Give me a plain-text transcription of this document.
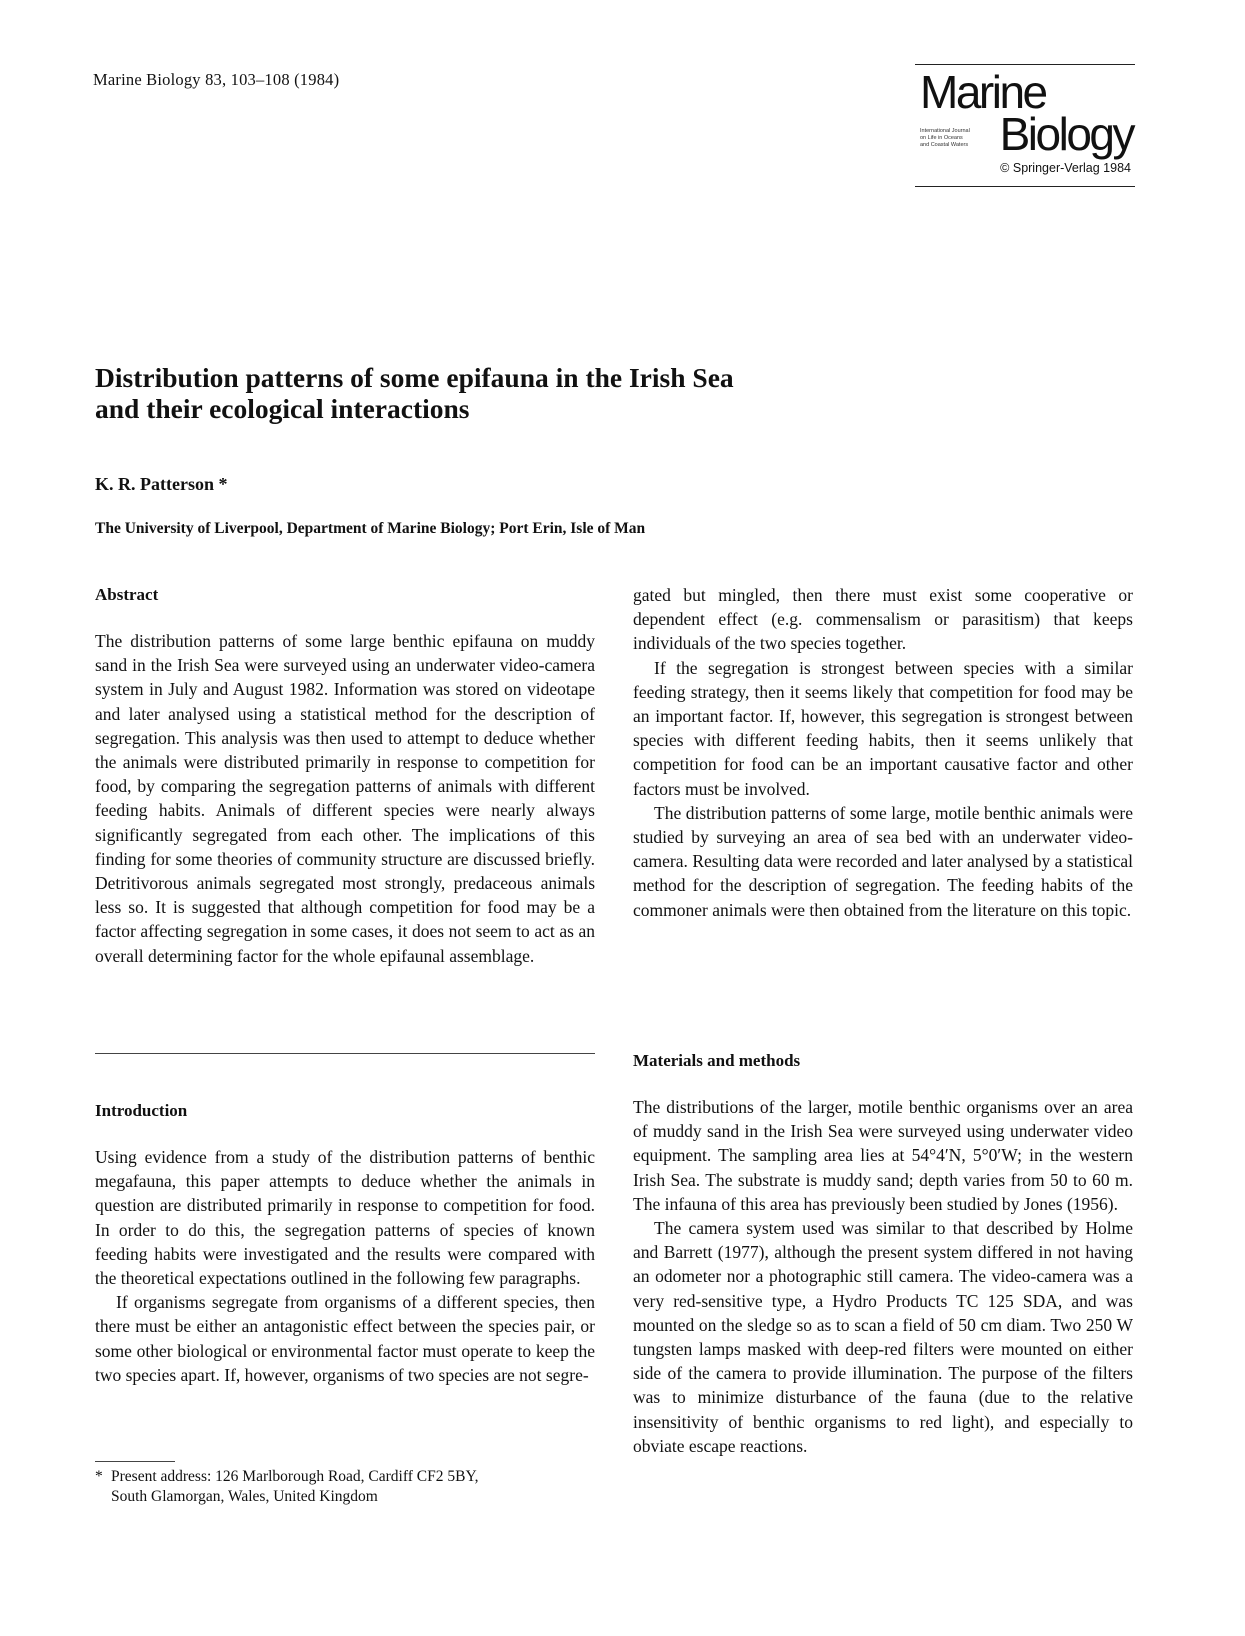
Marine Biology 83, 103–108 (1984)	Marine
International Journal
on Life in Oceans
and Coastal Waters Biology
© Springer-Verlag 1984
Distribution patterns of some epifauna in the Irish Sea
and their ecological interactions

K. R. Patterson *

The University of Liverpool, Department of Marine Biology; Port Erin, Isle of Man

Abstract

The distribution patterns of some large benthic epifauna on muddy sand in the Irish Sea were surveyed using an underwater video-camera system in July and August 1982. Information was stored on videotape and later analysed using a statistical method for the description of segregation. This analysis was then used to attempt to deduce whether the animals were distributed primarily in response to competition for food, by comparing the segregation patterns of animals with different feeding habits. Animals of different species were nearly always significantly segregated from each other. The implications of this finding for some theories of community structure are discussed briefly. Detritivorous animals segregated most strongly, predaceous animals less so. It is suggested that although competition for food may be a factor affecting segregation in some cases, it does not seem to act as an overall determining factor for the whole epifaunal assemblage.

Introduction

Using evidence from a study of the distribution patterns of benthic megafauna, this paper attempts to deduce whether the animals in question are distributed primarily in response to competition for food. In order to do this, the segregation patterns of species of known feeding habits were investigated and the results were compared with the theoretical expectations outlined in the following few paragraphs.

If organisms segregate from organisms of a different species, then there must be either an antagonistic effect between the species pair, or some other biological or environmental factor must operate to keep the two species apart. If, however, organisms of two species are not segre-

* Present address: 126 Marlborough Road, Cardiff CF2 5BY,
South Glamorgan, Wales, United Kingdom

gated but mingled, then there must exist some cooperative or dependent effect (e.g. commensalism or parasitism) that keeps individuals of the two species together.

If the segregation is strongest between species with a similar feeding strategy, then it seems likely that competition for food may be an important factor. If, however, this segregation is strongest between species with different feeding habits, then it seems unlikely that competition for food can be an important causative factor and other factors must be involved.

The distribution patterns of some large, motile benthic animals were studied by surveying an area of sea bed with an underwater video-camera. Resulting data were recorded and later analysed by a statistical method for the description of segregation. The feeding habits of the commoner animals were then obtained from the literature on this topic.

Materials and methods

The distributions of the larger, motile benthic organisms over an area of muddy sand in the Irish Sea were surveyed using underwater video equipment. The sampling area lies at 54°4′N, 5°0′W; in the western Irish Sea. The substrate is muddy sand; depth varies from 50 to 60 m. The infauna of this area has previously been studied by Jones (1956).

The camera system used was similar to that described by Holme and Barrett (1977), although the present system differed in not having an odometer nor a photographic still camera. The video-camera was a very red-sensitive type, a Hydro Products TC 125 SDA, and was mounted on the sledge so as to scan a field of 50 cm diam. Two 250 W tungsten lamps masked with deep-red filters were mounted on either side of the camera to provide illumination. The purpose of the filters was to minimize disturbance of the fauna (due to the relative insensitivity of benthic organisms to red light), and especially to obviate escape reactions.
